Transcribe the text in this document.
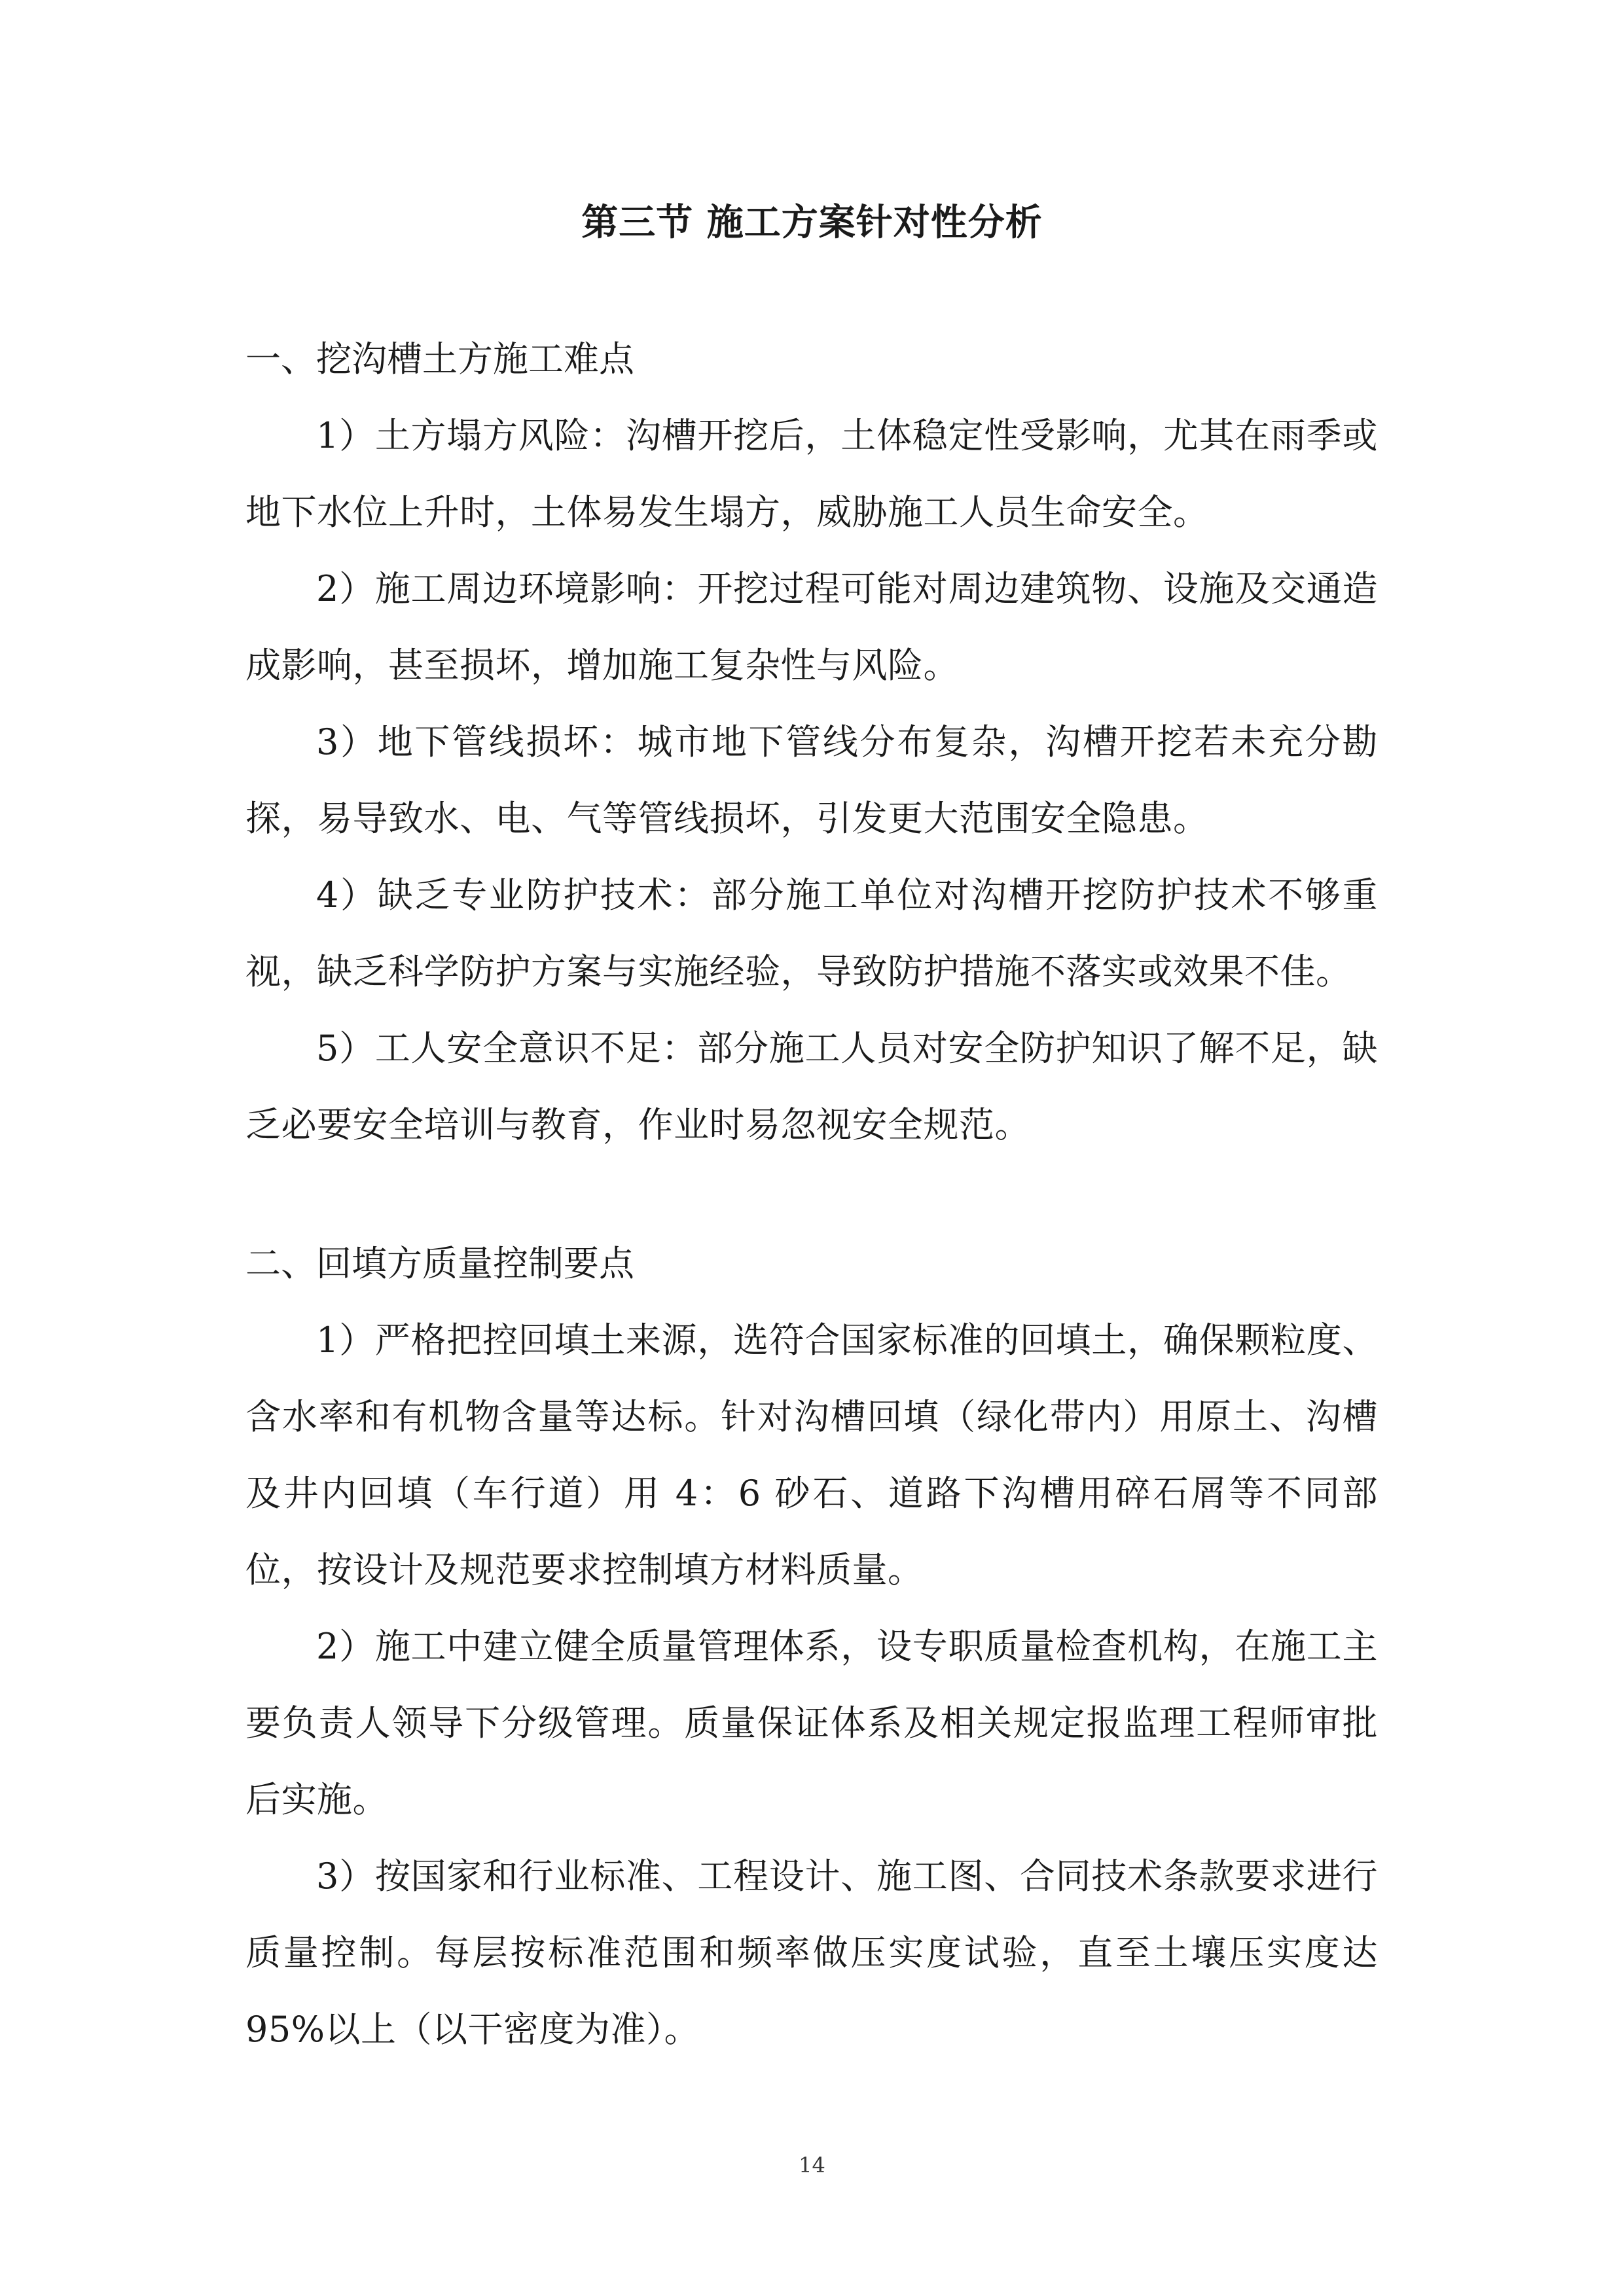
第三节 施工方案针对性分析

一、挖沟槽土方施工难点

1）土方塌方风险：沟槽开挖后，土体稳定性受影响，尤其在雨季或地下水位上升时，土体易发生塌方，威胁施工人员生命安全。

2）施工周边环境影响：开挖过程可能对周边建筑物、设施及交通造成影响，甚至损坏，增加施工复杂性与风险。

3）地下管线损坏：城市地下管线分布复杂，沟槽开挖若未充分勘探，易导致水、电、气等管线损坏，引发更大范围安全隐患。

4）缺乏专业防护技术：部分施工单位对沟槽开挖防护技术不够重视，缺乏科学防护方案与实施经验，导致防护措施不落实或效果不佳。

5）工人安全意识不足：部分施工人员对安全防护知识了解不足，缺乏必要安全培训与教育，作业时易忽视安全规范。

二、回填方质量控制要点

1）严格把控回填土来源，选符合国家标准的回填土，确保颗粒度、含水率和有机物含量等达标。针对沟槽回填（绿化带内）用原土、沟槽及井内回填（车行道）用 4：6 砂石、道路下沟槽用碎石屑等不同部位，按设计及规范要求控制填方材料质量。

2）施工中建立健全质量管理体系，设专职质量检查机构，在施工主要负责人领导下分级管理。质量保证体系及相关规定报监理工程师审批后实施。

3）按国家和行业标准、工程设计、施工图、合同技术条款要求进行质量控制。每层按标准范围和频率做压实度试验，直至土壤压实度达 95%以上（以干密度为准）。

14
